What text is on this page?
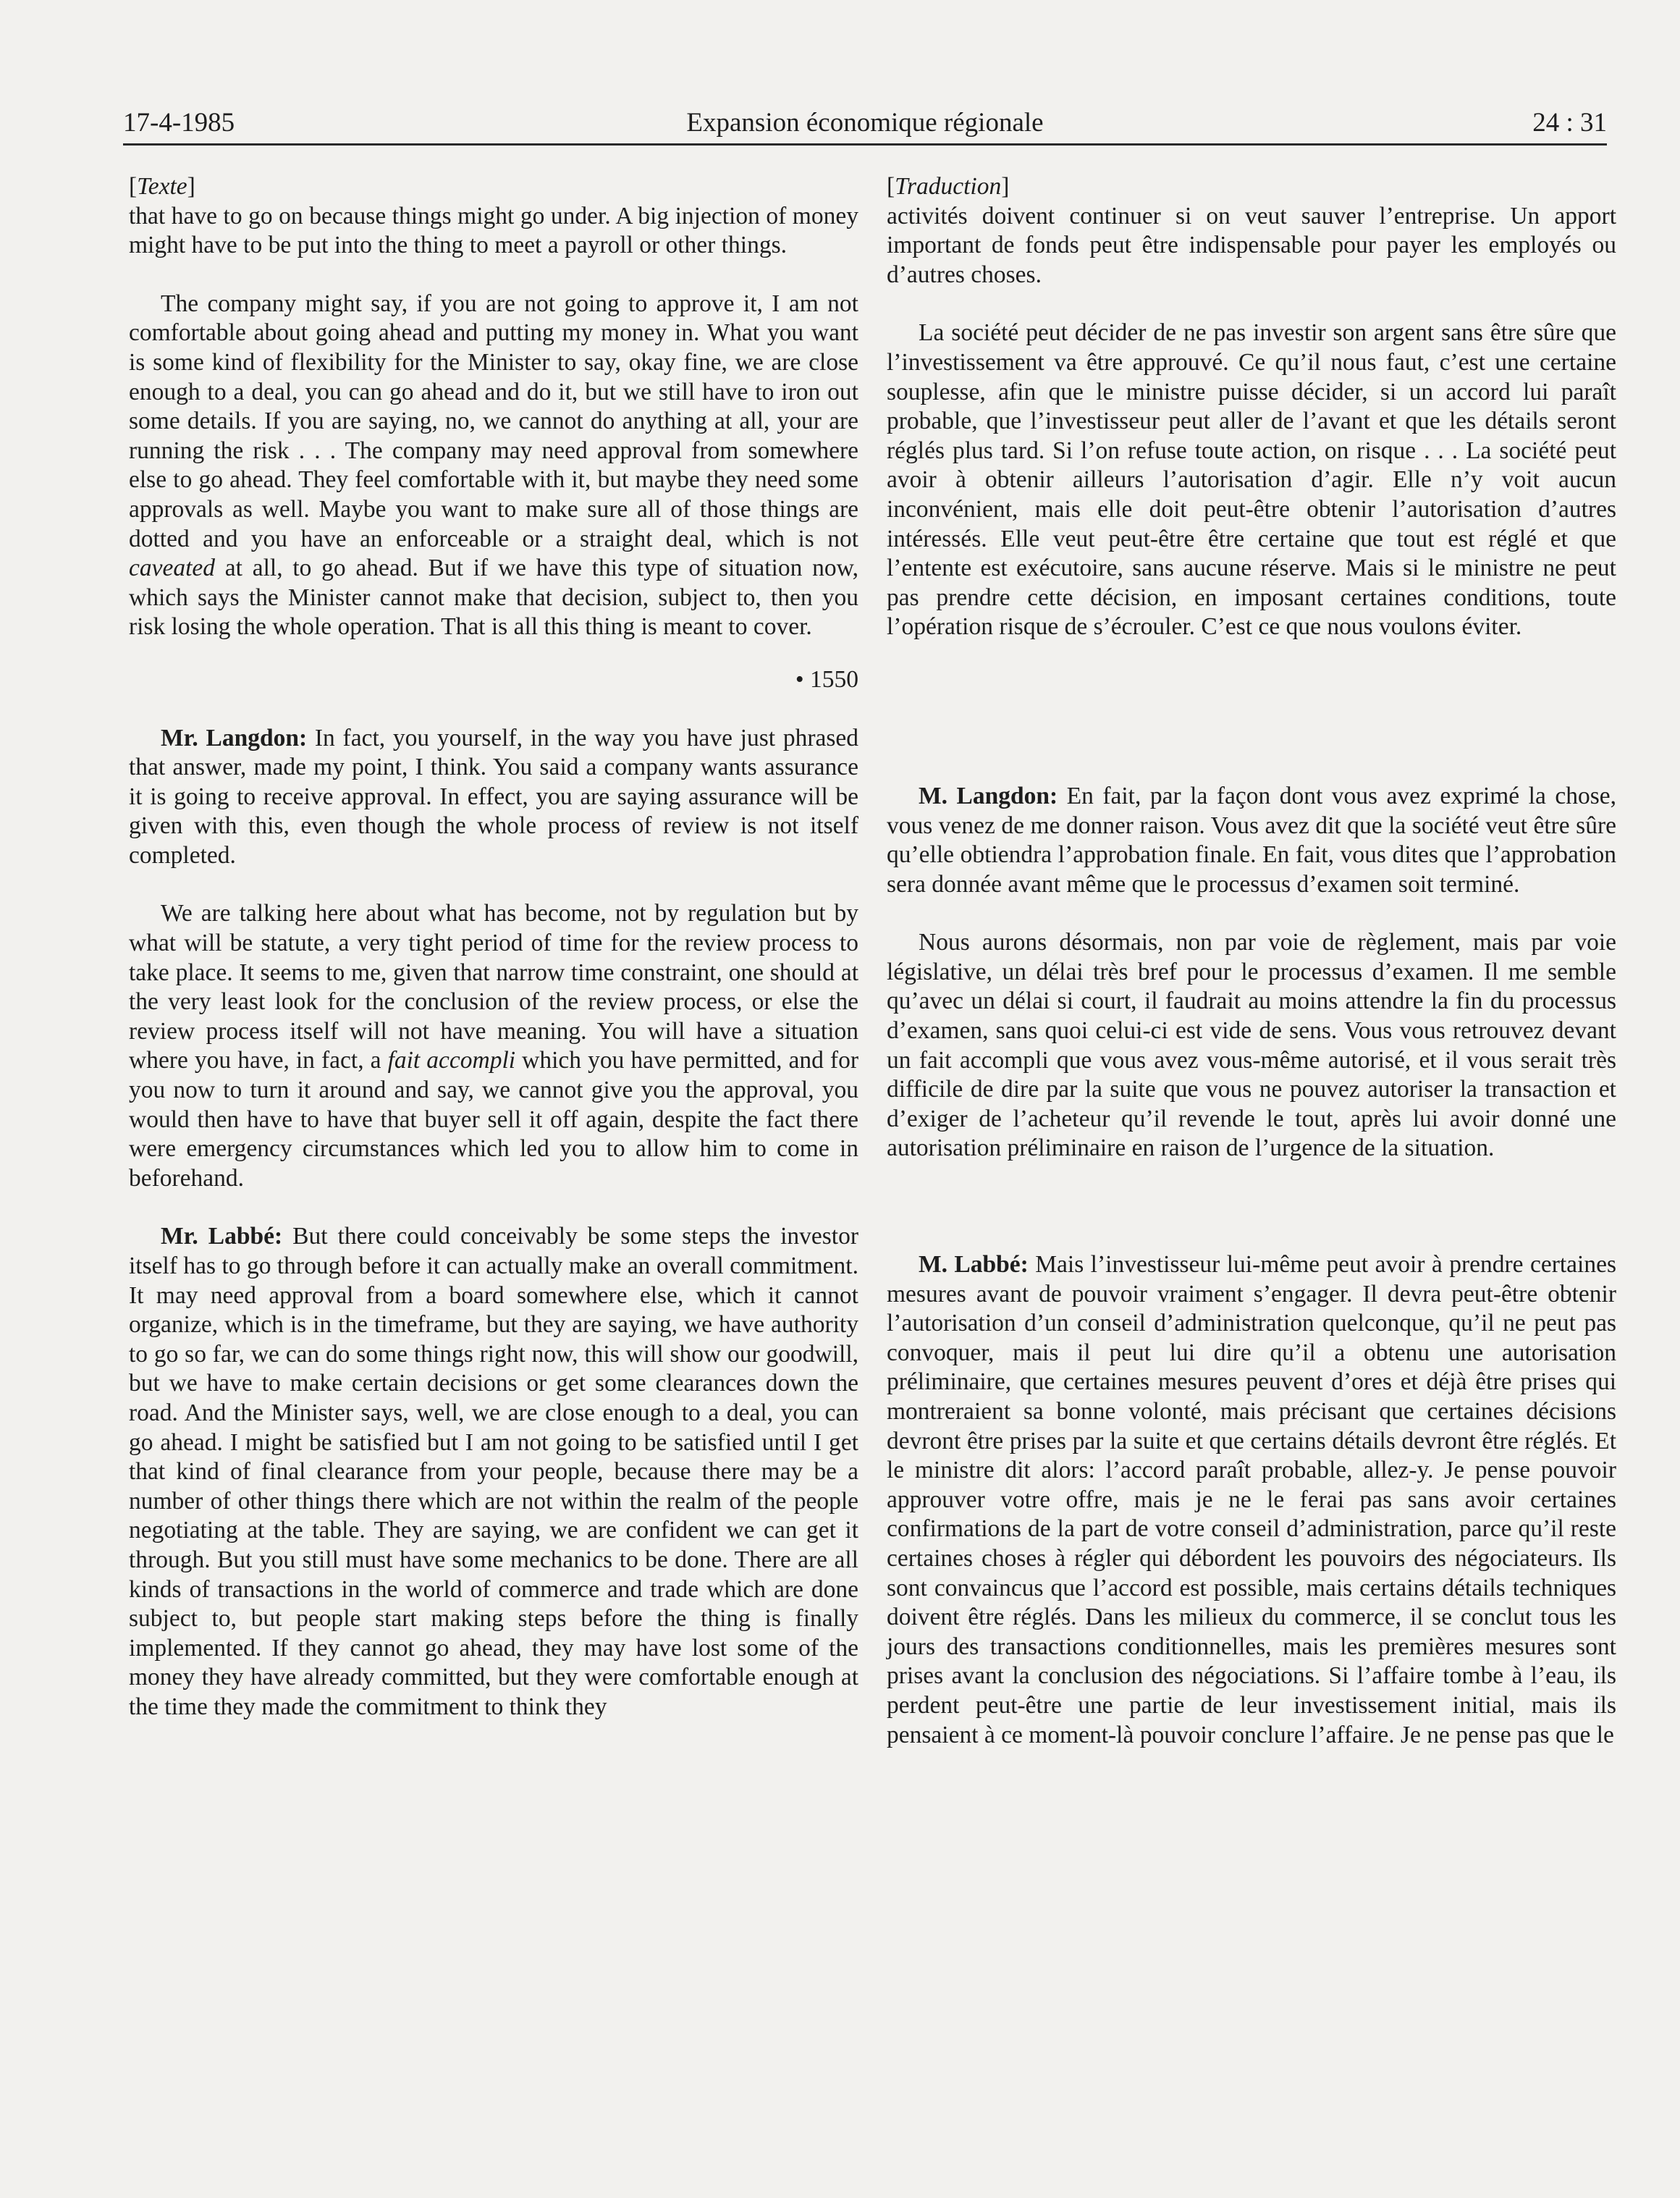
17-4-1985	Expansion économique régionale	24 : 31

[Texte]

that have to go on because things might go under. A big injection of money might have to be put into the thing to meet a payroll or other things.

The company might say, if you are not going to approve it, I am not comfortable about going ahead and putting my money in. What you want is some kind of flexibility for the Minister to say, okay fine, we are close enough to a deal, you can go ahead and do it, but we still have to iron out some details. If you are saying, no, we cannot do anything at all, your are running the risk . . . The company may need approval from somewhere else to go ahead. They feel comfortable with it, but maybe they need some approvals as well. Maybe you want to make sure all of those things are dotted and you have an enforceable or a straight deal, which is not caveated at all, to go ahead. But if we have this type of situation now, which says the Minister cannot make that decision, subject to, then you risk losing the whole operation. That is all this thing is meant to cover.

• 1550

Mr. Langdon: In fact, you yourself, in the way you have just phrased that answer, made my point, I think. You said a company wants assurance it is going to receive approval. In effect, you are saying assurance will be given with this, even though the whole process of review is not itself completed.

We are talking here about what has become, not by regulation but by what will be statute, a very tight period of time for the review process to take place. It seems to me, given that narrow time constraint, one should at the very least look for the conclusion of the review process, or else the review process itself will not have meaning. You will have a situation where you have, in fact, a fait accompli which you have permitted, and for you now to turn it around and say, we cannot give you the approval, you would then have to have that buyer sell it off again, despite the fact there were emergency circumstances which led you to allow him to come in beforehand.

Mr. Labbé: But there could conceivably be some steps the investor itself has to go through before it can actually make an overall commitment. It may need approval from a board somewhere else, which it cannot organize, which is in the timeframe, but they are saying, we have authority to go so far, we can do some things right now, this will show our goodwill, but we have to make certain decisions or get some clearances down the road. And the Minister says, well, we are close enough to a deal, you can go ahead. I might be satisfied but I am not going to be satisfied until I get that kind of final clearance from your people, because there may be a number of other things there which are not within the realm of the people negotiating at the table. They are saying, we are confident we can get it through. But you still must have some mechanics to be done. There are all kinds of transactions in the world of commerce and trade which are done subject to, but people start making steps before the thing is finally implemented. If they cannot go ahead, they may have lost some of the money they have already committed, but they were comfortable enough at the time they made the commitment to think they

[Traduction]

activités doivent continuer si on veut sauver l’entreprise. Un apport important de fonds peut être indispensable pour payer les employés ou d’autres choses.

La société peut décider de ne pas investir son argent sans être sûre que l’investissement va être approuvé. Ce qu’il nous faut, c’est une certaine souplesse, afin que le ministre puisse décider, si un accord lui paraît probable, que l’investisseur peut aller de l’avant et que les détails seront réglés plus tard. Si l’on refuse toute action, on risque . . . La société peut avoir à obtenir ailleurs l’autorisation d’agir. Elle n’y voit aucun inconvénient, mais elle doit peut-être obtenir l’autorisation d’autres intéressés. Elle veut peut-être être certaine que tout est réglé et que l’entente est exécutoire, sans aucune réserve. Mais si le ministre ne peut pas prendre cette décision, en imposant certaines conditions, toute l’opération risque de s’écrouler. C’est ce que nous voulons éviter.

M. Langdon: En fait, par la façon dont vous avez exprimé la chose, vous venez de me donner raison. Vous avez dit que la société veut être sûre qu’elle obtiendra l’approbation finale. En fait, vous dites que l’approbation sera donnée avant même que le processus d’examen soit terminé.

Nous aurons désormais, non par voie de règlement, mais par voie législative, un délai très bref pour le processus d’examen. Il me semble qu’avec un délai si court, il faudrait au moins attendre la fin du processus d’examen, sans quoi celui-ci est vide de sens. Vous vous retrouvez devant un fait accompli que vous avez vous-même autorisé, et il vous serait très difficile de dire par la suite que vous ne pouvez autoriser la transaction et d’exiger de l’acheteur qu’il revende le tout, après lui avoir donné une autorisation préliminaire en raison de l’urgence de la situation.

M. Labbé: Mais l’investisseur lui-même peut avoir à prendre certaines mesures avant de pouvoir vraiment s’engager. Il devra peut-être obtenir l’autorisation d’un conseil d’administration quelconque, qu’il ne peut pas convoquer, mais il peut lui dire qu’il a obtenu une autorisation préliminaire, que certaines mesures peuvent d’ores et déjà être prises qui montreraient sa bonne volonté, mais précisant que certaines décisions devront être prises par la suite et que certains détails devront être réglés. Et le ministre dit alors: l’accord paraît probable, allez-y. Je pense pouvoir approuver votre offre, mais je ne le ferai pas sans avoir certaines confirmations de la part de votre conseil d’administration, parce qu’il reste certaines choses à régler qui débordent les pouvoirs des négociateurs. Ils sont convaincus que l’accord est possible, mais certains détails techniques doivent être réglés. Dans les milieux du commerce, il se conclut tous les jours des transactions conditionnelles, mais les premières mesures sont prises avant la conclusion des négociations. Si l’affaire tombe à l’eau, ils perdent peut-être une partie de leur investissement initial, mais ils pensaient à ce moment-là pouvoir conclure l’affaire. Je ne pense pas que le
